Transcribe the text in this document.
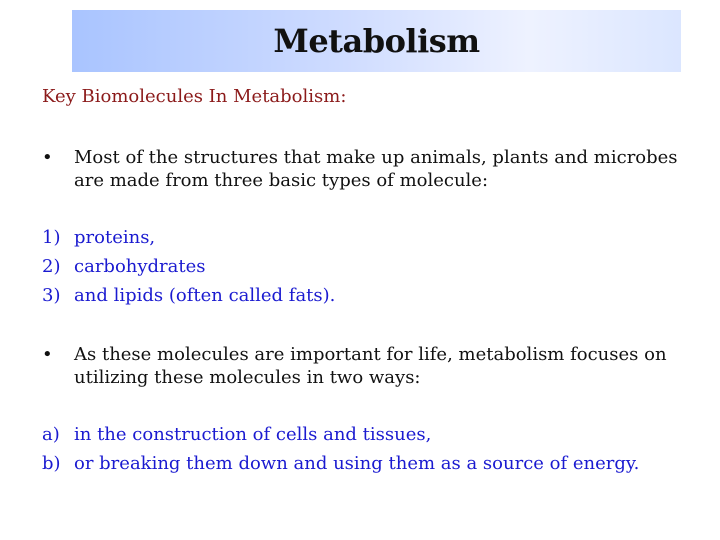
Metabolism
Key Biomolecules In Metabolism:
• Most of the structures that make up animals, plants and microbes are made from three basic types of molecule:
1) proteins,
2) carbohydrates
3) and lipids (often called fats).
• As these molecules are important for life, metabolism focuses on utilizing these molecules in two ways:
a) in the construction of cells and tissues,
b) or breaking them down and using them as a source of energy.
